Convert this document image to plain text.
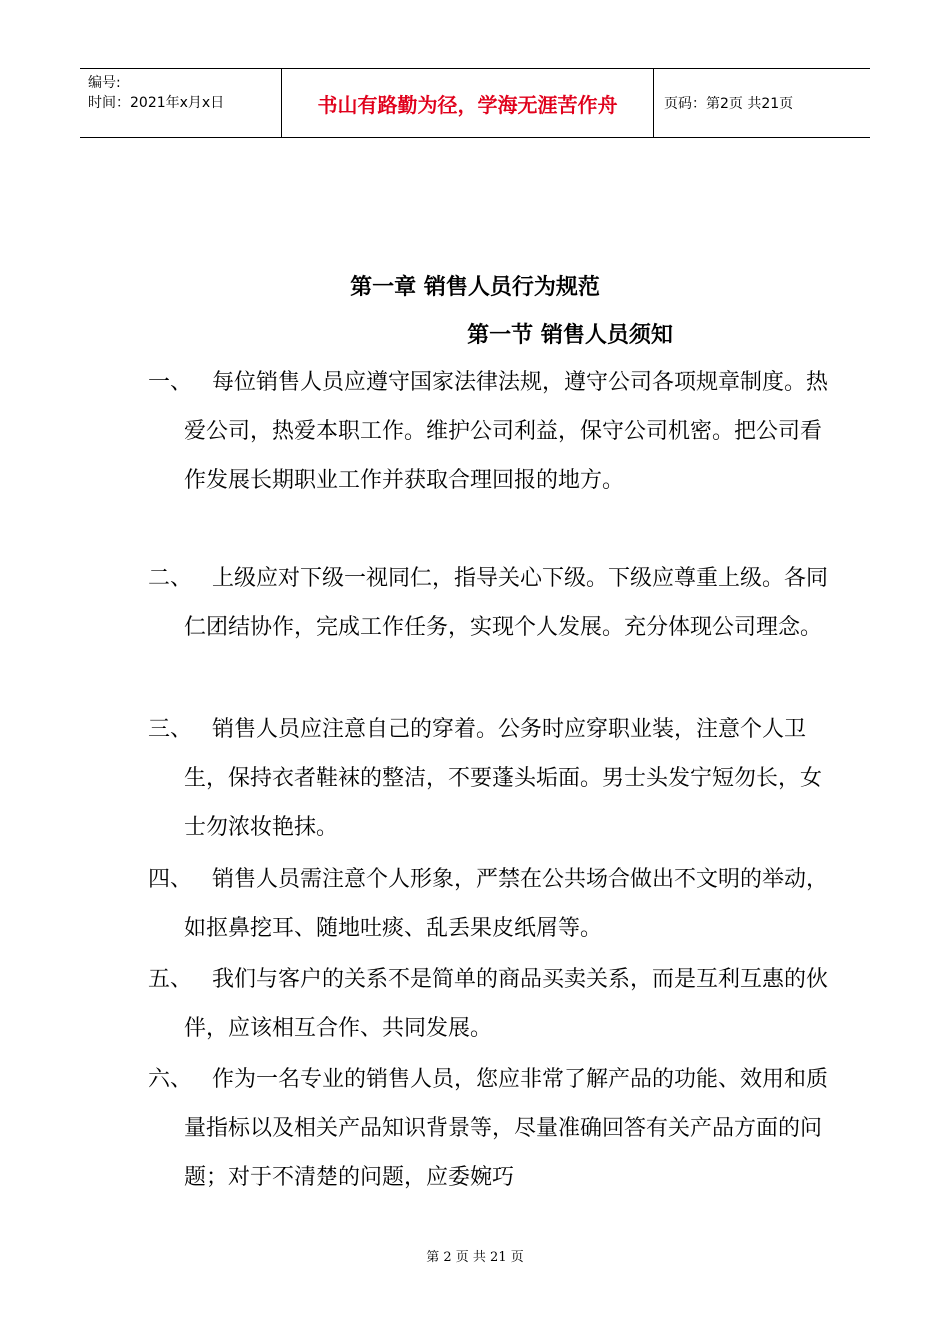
编号:
时间：2021年x月x日	书山有路勤为径，学海无涯苦作舟	页码：第2页 共21页
第一章 销售人员行为规范
第一节 销售人员须知
一、 每位销售人员应遵守国家法律法规，遵守公司各项规章制度。热爱公司，热爱本职工作。维护公司利益，保守公司机密。把公司看作发展长期职业工作并获取合理回报的地方。
二、 上级应对下级一视同仁，指导关心下级。下级应尊重上级。各同仁团结协作，完成工作任务，实现个人发展。充分体现公司理念。
三、 销售人员应注意自己的穿着。公务时应穿职业装，注意个人卫生，保持衣者鞋袜的整洁，不要蓬头垢面。男士头发宁短勿长，女士勿浓妆艳抹。
四、 销售人员需注意个人形象，严禁在公共场合做出不文明的举动，如抠鼻挖耳、随地吐痰、乱丢果皮纸屑等。
五、 我们与客户的关系不是简单的商品买卖关系，而是互利互惠的伙伴，应该相互合作、共同发展。
六、 作为一名专业的销售人员，您应非常了解产品的功能、效用和质量指标以及相关产品知识背景等，尽量准确回答有关产品方面的问题；对于不清楚的问题，应委婉巧
第 2 页 共 21 页
